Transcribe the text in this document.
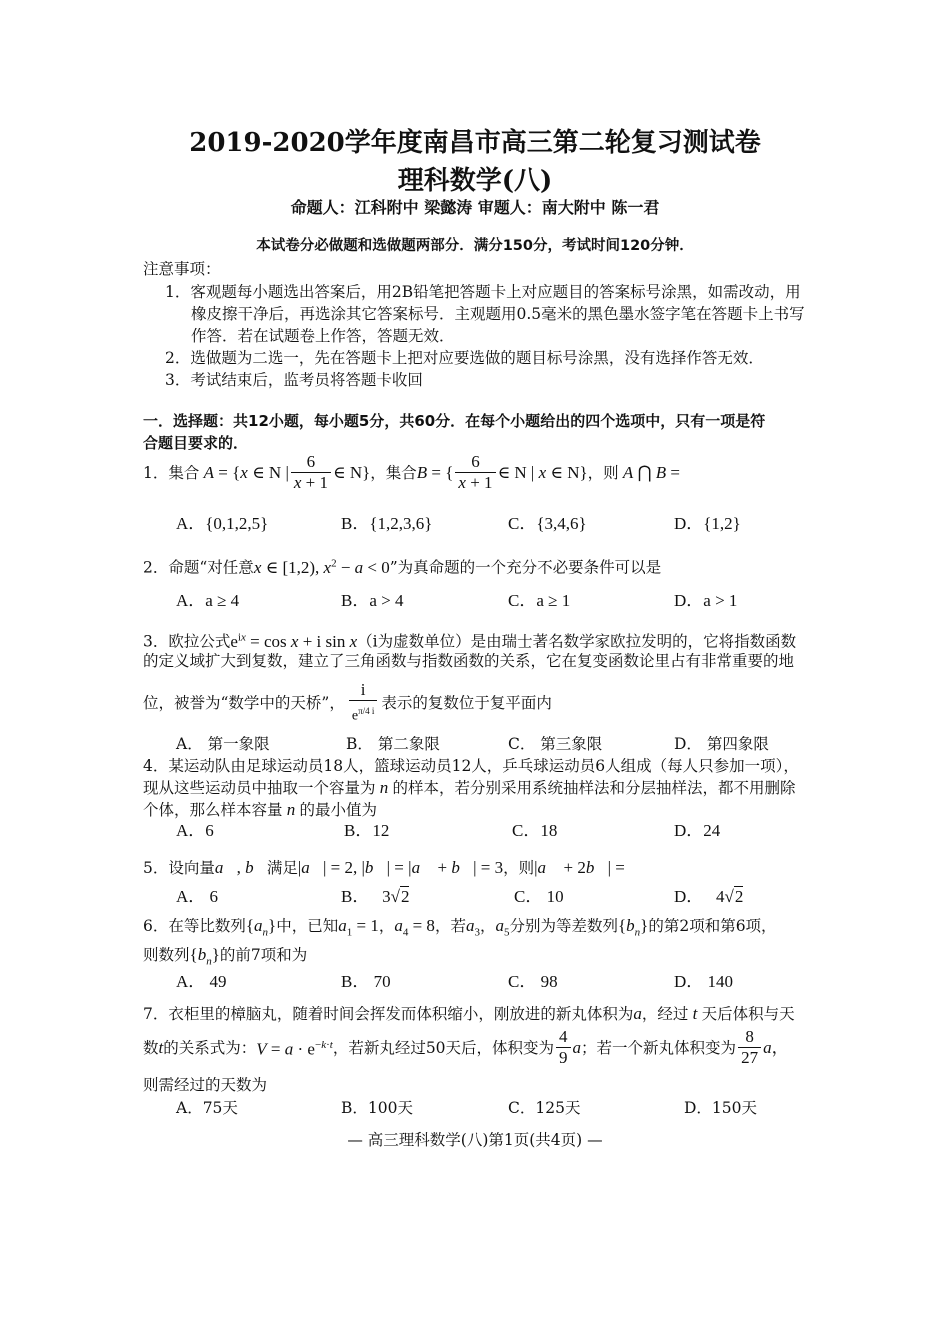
2019-2020学年度南昌市高三第二轮复习测试卷
理科数学(八)
命题人：江科附中 梁懿涛 审题人：南大附中 陈一君
本试卷分必做题和选做题两部分．满分150分，考试时间120分钟．
注意事项：
1．客观题每小题选出答案后，用2B铅笔把答题卡上对应题目的答案标号涂黑，如需改动，用
橡皮擦干净后，再选涂其它答案标号．主观题用0.5毫米的黑色墨水签字笔在答题卡上书写
作答．若在试题卷上作答，答题无效．
2．选做题为二选一，先在答题卡上把对应要选做的题目标号涂黑，没有选择作答无效．
3．考试结束后，监考员将答题卡收回
一．选择题：共12小题，每小题5分，共60分．在每个小题给出的四个选项中，只有一项是符
合题目要求的．
1． 集合 A = {x ∈ N | $\frac{6}{x + 1}$ ∈ N} ，集合 B = { $\frac{6}{x + 1}$ ∈ N | x ∈ N} ，则 A ⋂ B =
A．{0,1,2,5}	B．{1,2,3,6}	C．{3,4,6}	D．{1,2}
2．命题“对任意x ∈ [1,2), $x^2 - a < 0$”为真命题的一个充分不必要条件可以是
A．a ≥ 4	B．a > 4	C．a ≥ 1	D．a > 1
3．欧拉公式$e^{ix} = \cos x + i$ sin x（i为虚数单位）是由瑞士著名数学家欧拉发明的，它将指数函数
的定义域扩大到复数，建立了三角函数与指数函数的关系，它在复变函数论里占有非常重要的地
位，被誉为“数学中的天桥”， $\frac{i}{e^{\pi/4 i}}$ 表示的复数位于复平面内
A． 第一象限	B． 第二象限	C． 第三象限	D． 第四象限
4．某运动队由足球运动员18人，篮球运动员12人，乒乓球运动员6人组成（每人只参加一项），
现从这些运动员中抽取一个容量为 n 的样本，若分别采用系统抽样法和分层抽样法，都不用删除
个体，那么样本容量 n 的最小值为
A．6	B．12	C．18	D．24
5．设向量a⃗, b⃗满足|a⃗| = 2, |b⃗| = |a⃗ + b⃗| = 3，则|a⃗ + 2b⃗| =
A． 6	B． 3√2	C． 10	D． 4√2
6．在等比数列$\{a_n\}$中，已知$a_1 = 1$，$a_4 = 8$，若$a_3$，$a_5$分别为等差数列$\{b_n\}$的第2项和第6项，
则数列$\{b_n\}$的前7项和为
A． 49	B． 70	C． 98	D． 140
7．衣柜里的樟脑丸，随着时间会挥发而体积缩小，刚放进的新丸体积为a，经过 t 天后体积与天
数 t 的关系式为： $V = a \cdot e^{-k\cdot t}$ ，若新丸经过50天后，体积变为 $\frac{4}{9}$ a ；若一个新丸体积变为 $\frac{8}{27}$ a，
则需经过的天数为
A．75天	B．100天	C．125天	D．150天
— 高三理科数学(八)第1页(共4页) —
